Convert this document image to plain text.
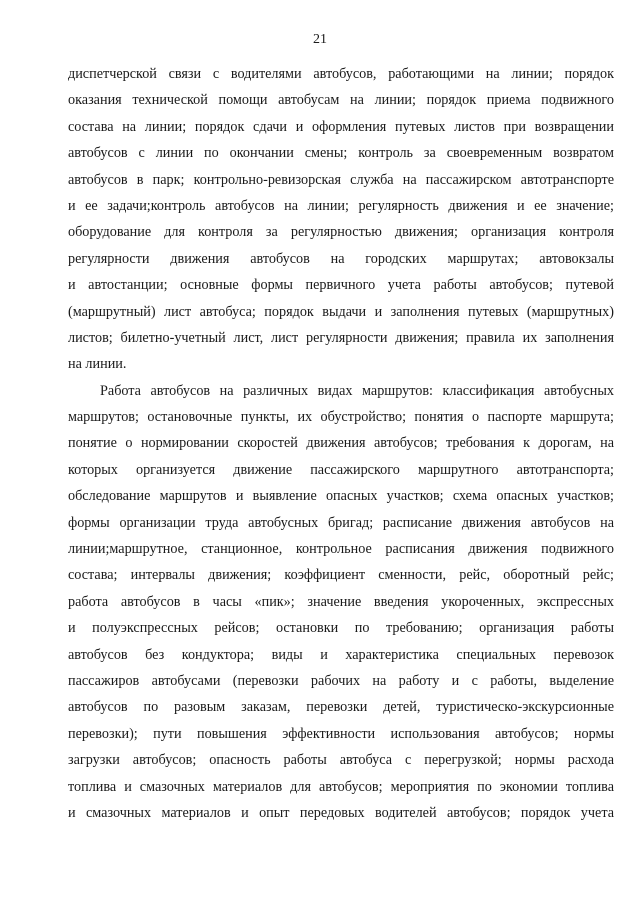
21
диспетчерской связи с водителями автобусов, работающими на линии; порядок
оказания технической помощи автобусам на линии; порядок приема подвижного
состава на линии; порядок сдачи и оформления путевых листов при возвращении
автобусов с линии по окончании смены; контроль за своевременным возвратом
автобусов в парк; контрольно-ревизорская служба на пассажирском автотранспорте
и ее задачи;контроль автобусов на линии; регулярность движения и ее значение;
оборудование для контроля за регулярностью движения; организация контроля
регулярности движения автобусов на городских маршрутах; автовокзалы
и автостанции; основные формы первичного учета работы автобусов; путевой
(маршрутный) лист автобуса; порядок выдачи и заполнения путевых (маршрутных)
листов; билетно-учетный лист, лист регулярности движения; правила их заполнения
на линии.
Работа автобусов на различных видах маршрутов: классификация автобусных
маршрутов; остановочные пункты, их обустройство; понятия о паспорте маршрута;
понятие о нормировании скоростей движения автобусов; требования к дорогам, на
которых организуется движение пассажирского маршрутного автотранспорта;
обследование маршрутов и выявление опасных участков; схема опасных участков;
формы организации труда автобусных бригад; расписание движения автобусов на
линии;маршрутное, станционное, контрольное расписания движения подвижного
состава; интервалы движения; коэффициент сменности, рейс, оборотный рейс;
работа автобусов в часы «пик»; значение введения укороченных, экспрессных
и полуэкспрессных рейсов; остановки по требованию; организация работы
автобусов без кондуктора; виды и характеристика специальных перевозок
пассажиров автобусами (перевозки рабочих на работу и с работы, выделение
автобусов по разовым заказам, перевозки детей, туристическо-экскурсионные
перевозки); пути повышения эффективности использования автобусов; нормы
загрузки автобусов; опасность работы автобуса с перегрузкой; нормы расхода
топлива и смазочных материалов для автобусов; мероприятия по экономии топлива
и смазочных материалов и опыт передовых водителей автобусов; порядок учета
